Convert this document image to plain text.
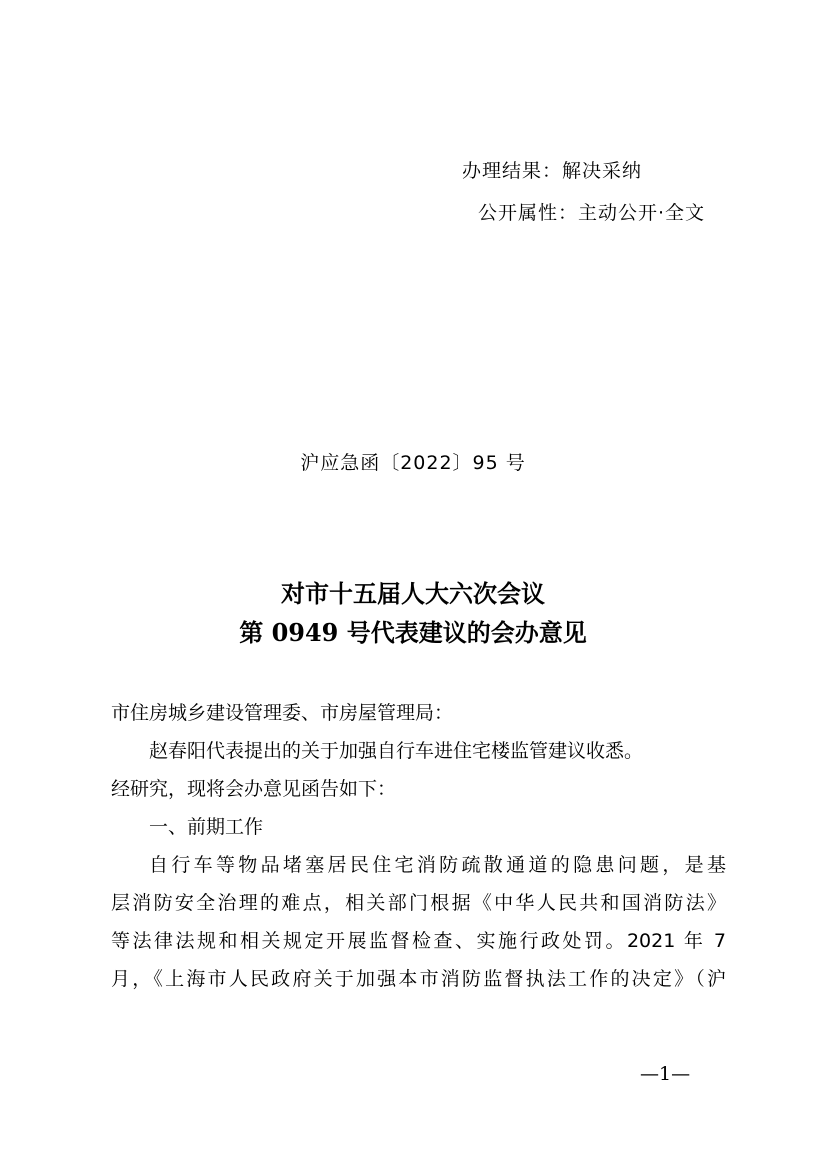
办理结果：解决采纳
公开属性：主动公开·全文
沪应急函〔2022〕95 号
对市十五届人大六次会议
第 0949 号代表建议的会办意见
市住房城乡建设管理委、市房屋管理局：
赵春阳代表提出的关于加强自行车进住宅楼监管建议收悉。
经研究，现将会办意见函告如下：
一、前期工作
自行车等物品堵塞居民住宅消防疏散通道的隐患问题，是基
层消防安全治理的难点，相关部门根据《中华人民共和国消防法》
等法律法规和相关规定开展监督检查、实施行政处罚。2021 年 7
月，《上海市人民政府关于加强本市消防监督执法工作的决定》（沪
—1—
